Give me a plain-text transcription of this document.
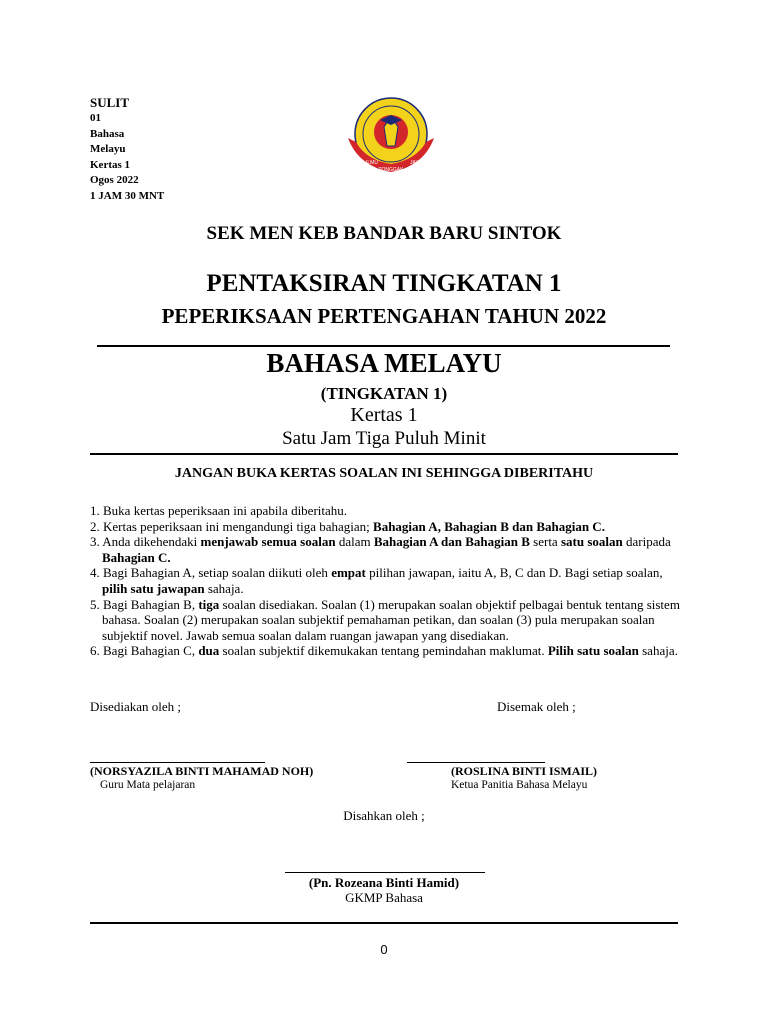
SULIT
01
Bahasa
Melayu
Kertas 1
Ogos 2022
1 JAM 30 MNT
ILMU
TONGGAK
JAYA
SEK MEN KEB BANDAR BARU SINTOK
PENTAKSIRAN TINGKATAN 1
PEPERIKSAAN PERTENGAHAN TAHUN 2022
BAHASA MELAYU
(TINGKATAN 1)
Kertas 1
Satu Jam Tiga Puluh Minit
JANGAN BUKA KERTAS SOALAN INI SEHINGGA DIBERITAHU
1. Buka kertas peperiksaan ini apabila diberitahu.
2. Kertas peperiksaan ini mengandungi tiga bahagian; Bahagian A, Bahagian B dan Bahagian C.
3. Anda dikehendaki menjawab semua soalan dalam Bahagian A dan Bahagian B serta satu soalan daripada Bahagian C.
4. Bagi Bahagian A, setiap soalan diikuti oleh empat pilihan jawapan, iaitu A, B, C dan D. Bagi setiap soalan, pilih satu jawapan sahaja.
5. Bagi Bahagian B, tiga soalan disediakan. Soalan (1) merupakan soalan objektif pelbagai bentuk tentang sistem bahasa. Soalan (2) merupakan soalan subjektif pemahaman petikan, dan soalan (3) pula merupakan soalan subjektif novel. Jawab semua soalan dalam ruangan jawapan yang disediakan.
6. Bagi Bahagian C, dua soalan subjektif dikemukakan tentang pemindahan maklumat. Pilih satu soalan sahaja.
Disediakan oleh ;	Disemak oleh ;
(NORSYAZILA BINTI MAHAMAD NOH)
Guru Mata pelajaran
(ROSLINA BINTI ISMAIL)
Ketua Panitia Bahasa Melayu
Disahkan oleh ;
(Pn. Rozeana Binti Hamid)
GKMP Bahasa
0
